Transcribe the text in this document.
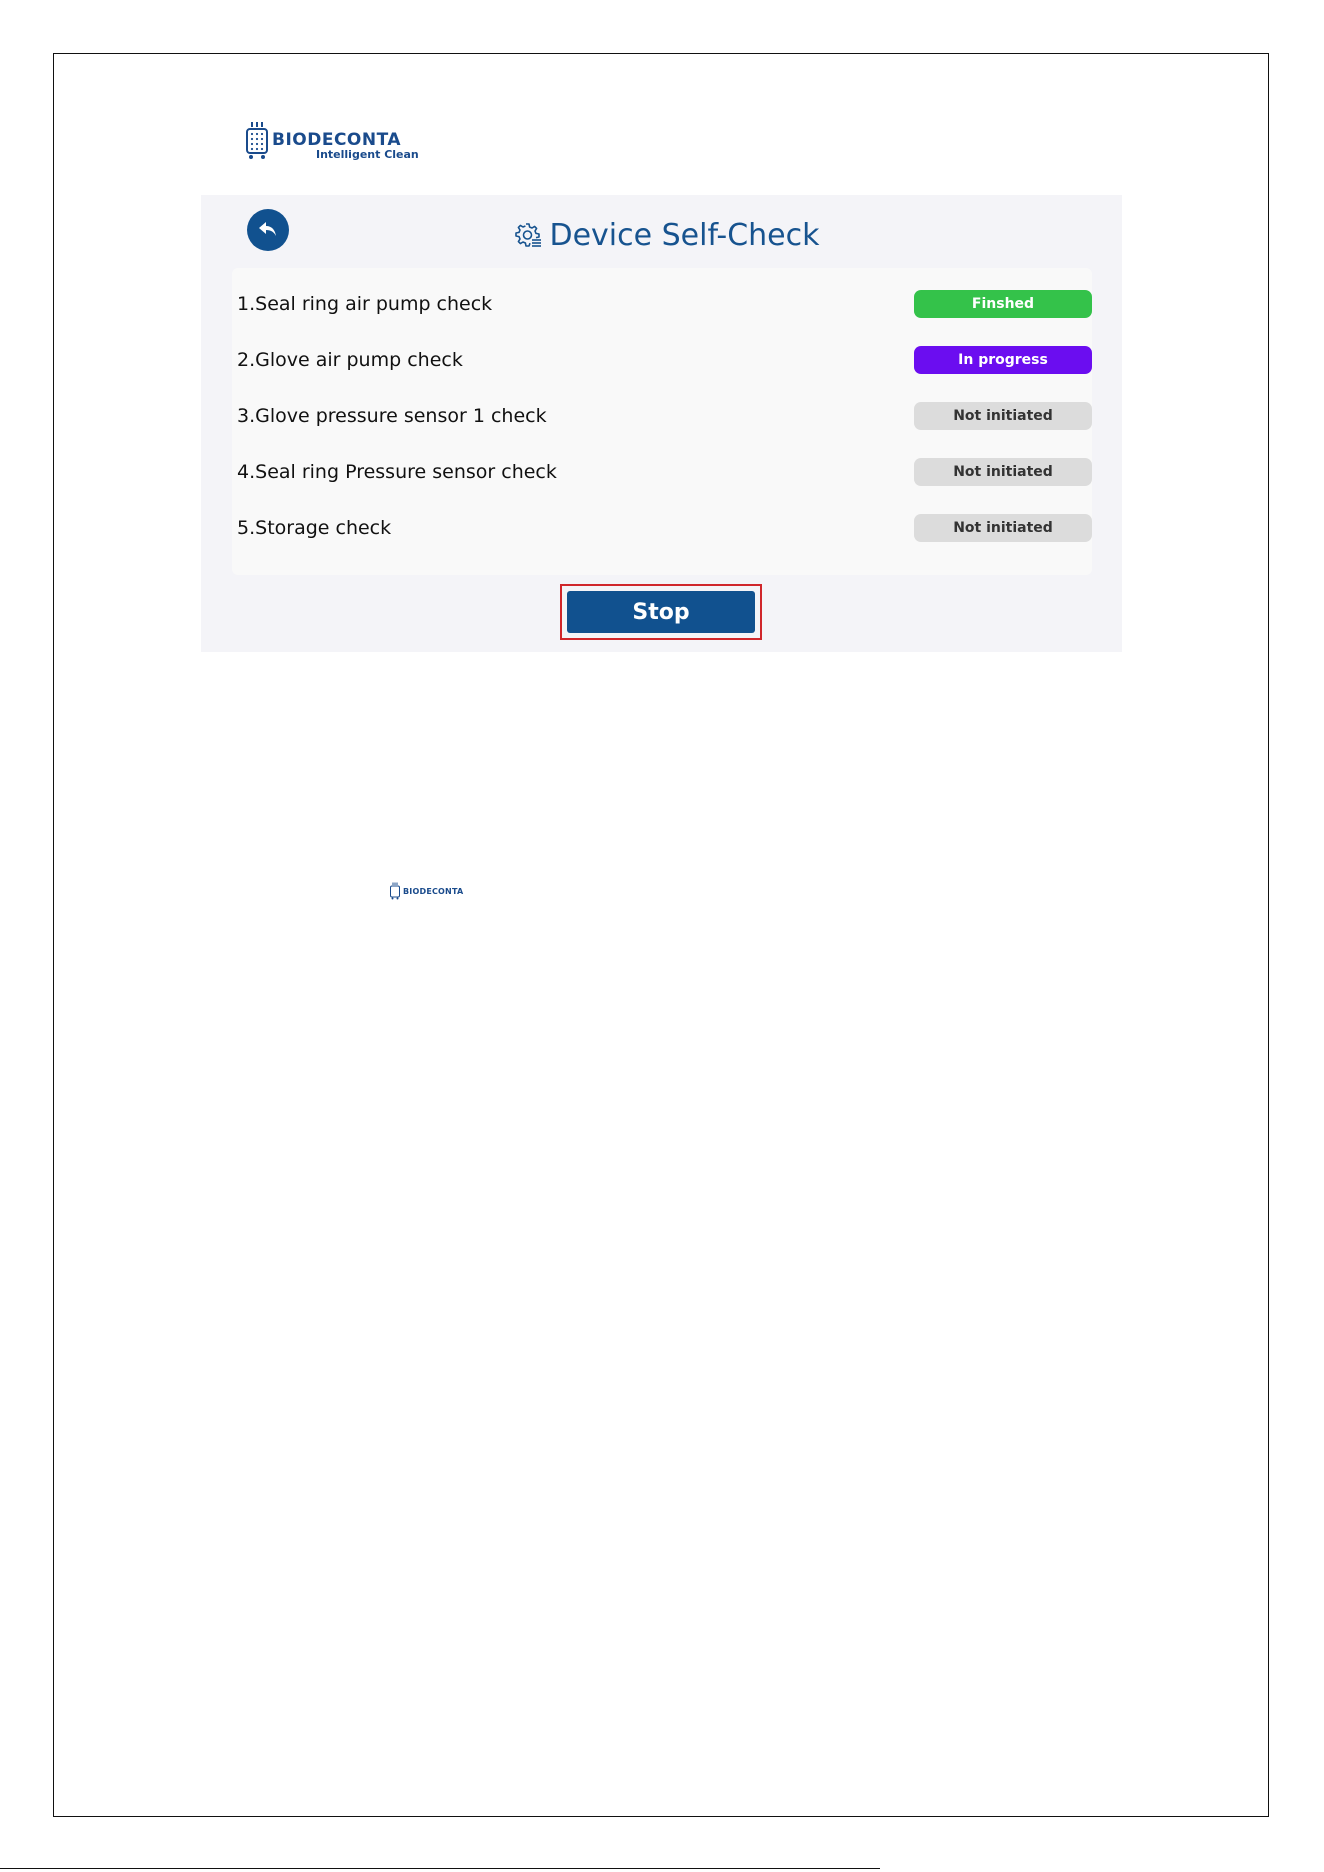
BIODECONTA
Intelligent Clean
Device Self-Check
1.Seal ring air pump check	Finshed
2.Glove air pump check	In progress
3.Glove pressure sensor 1 check	Not initiated
4.Seal ring Pressure sensor check	Not initiated
5.Storage check	Not initiated
Stop
BIODECONTA
